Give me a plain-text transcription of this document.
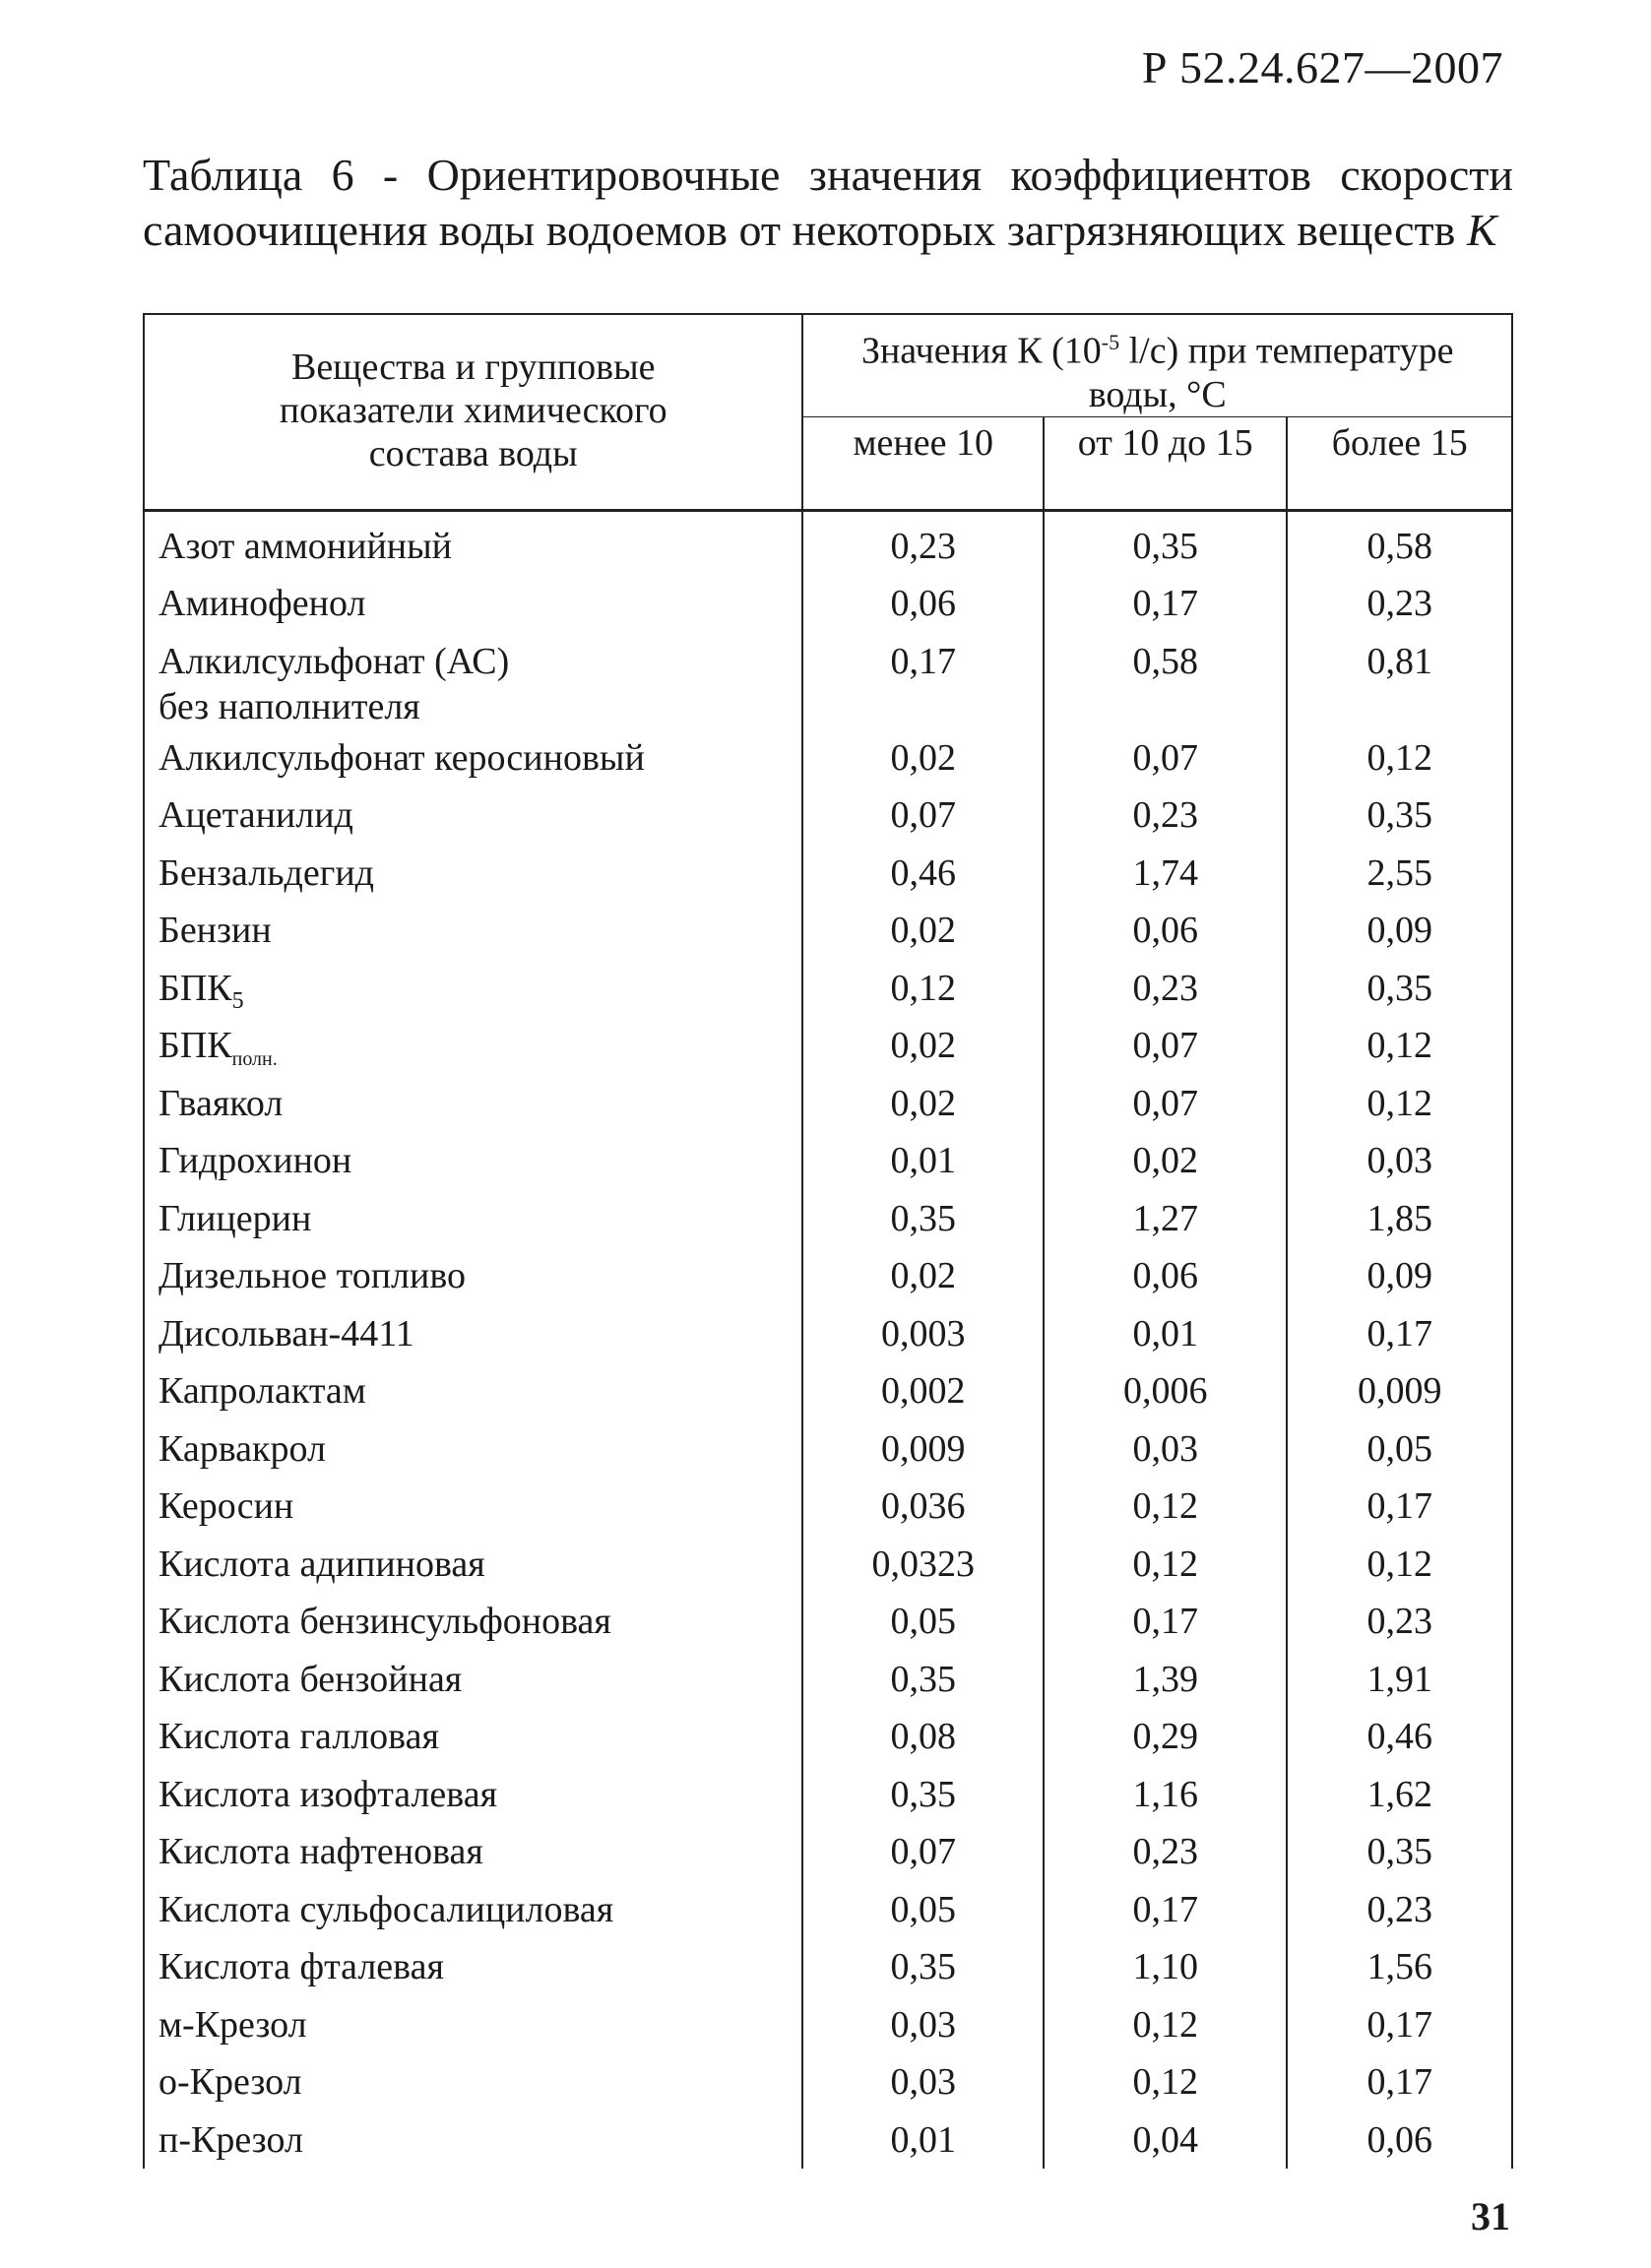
Р 52.24.627—2007
Таблица 6 - Ориентировочные значения коэффициентов скорости
самоочищения воды водоемов от некоторых загрязняющих веществ K
Вещества и групповые
показатели химического
состава воды	Значения К ($10^{-5}$ l/с) при температуре
воды, °С		
	менее 10	от 10 до 15	более 15
Азот аммонийный	0,23	0,35	0,58
Аминофенол	0,06	0,17	0,23
Алкилсульфонат (АС)
без наполнителя	0,17	0,58	0,81
Алкилсульфонат керосиновый	0,02	0,07	0,12
Ацетанилид	0,07	0,23	0,35
Бензальдегид	0,46	1,74	2,55
Бензин	0,02	0,06	0,09
$БПК_5$	0,12	0,23	0,35
$БПК_{полн.}$	0,02	0,07	0,12
Гваякол	0,02	0,07	0,12
Гидрохинон	0,01	0,02	0,03
Глицерин	0,35	1,27	1,85
Дизельное топливо	0,02	0,06	0,09
Дисольван-4411	0,003	0,01	0,17
Капролактам	0,002	0,006	0,009
Карвакрол	0,009	0,03	0,05
Керосин	0,036	0,12	0,17
Кислота адипиновая	0,0323	0,12	0,12
Кислота бензинсульфоновая	0,05	0,17	0,23
Кислота бензойная	0,35	1,39	1,91
Кислота галловая	0,08	0,29	0,46
Кислота изофталевая	0,35	1,16	1,62
Кислота нафтеновая	0,07	0,23	0,35
Кислота сульфосалициловая	0,05	0,17	0,23
Кислота фталевая	0,35	1,10	1,56
м-Крезол	0,03	0,12	0,17
о-Крезол	0,03	0,12	0,17
п-Крезол	0,01	0,04	0,06
31
